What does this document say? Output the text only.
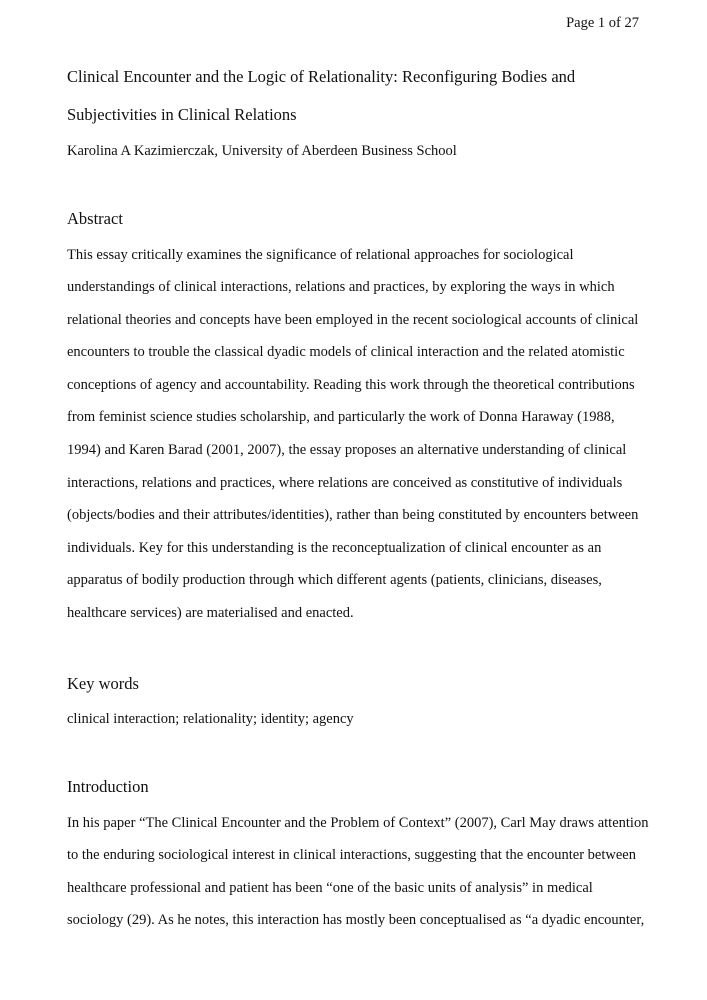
Page 1 of 27
Clinical Encounter and the Logic of Relationality: Reconfiguring Bodies and
Subjectivities in Clinical Relations
Karolina A Kazimierczak, University of Aberdeen Business School
Abstract
This essay critically examines the significance of relational approaches for sociological
understandings of clinical interactions, relations and practices, by exploring the ways in which
relational theories and concepts have been employed in the recent sociological accounts of clinical
encounters to trouble the classical dyadic models of clinical interaction and the related atomistic
conceptions of agency and accountability. Reading this work through the theoretical contributions
from feminist science studies scholarship, and particularly the work of Donna Haraway (1988,
1994) and Karen Barad (2001, 2007), the essay proposes an alternative understanding of clinical
interactions, relations and practices, where relations are conceived as constitutive of individuals
(objects/bodies and their attributes/identities), rather than being constituted by encounters between
individuals. Key for this understanding is the reconceptualization of clinical encounter as an
apparatus of bodily production through which different agents (patients, clinicians, diseases,
healthcare services) are materialised and enacted.
Key words
clinical interaction; relationality; identity; agency
Introduction
In his paper “The Clinical Encounter and the Problem of Context” (2007), Carl May draws attention
to the enduring sociological interest in clinical interactions, suggesting that the encounter between
healthcare professional and patient has been “one of the basic units of analysis” in medical
sociology (29). As he notes, this interaction has mostly been conceptualised as “a dyadic encounter,
